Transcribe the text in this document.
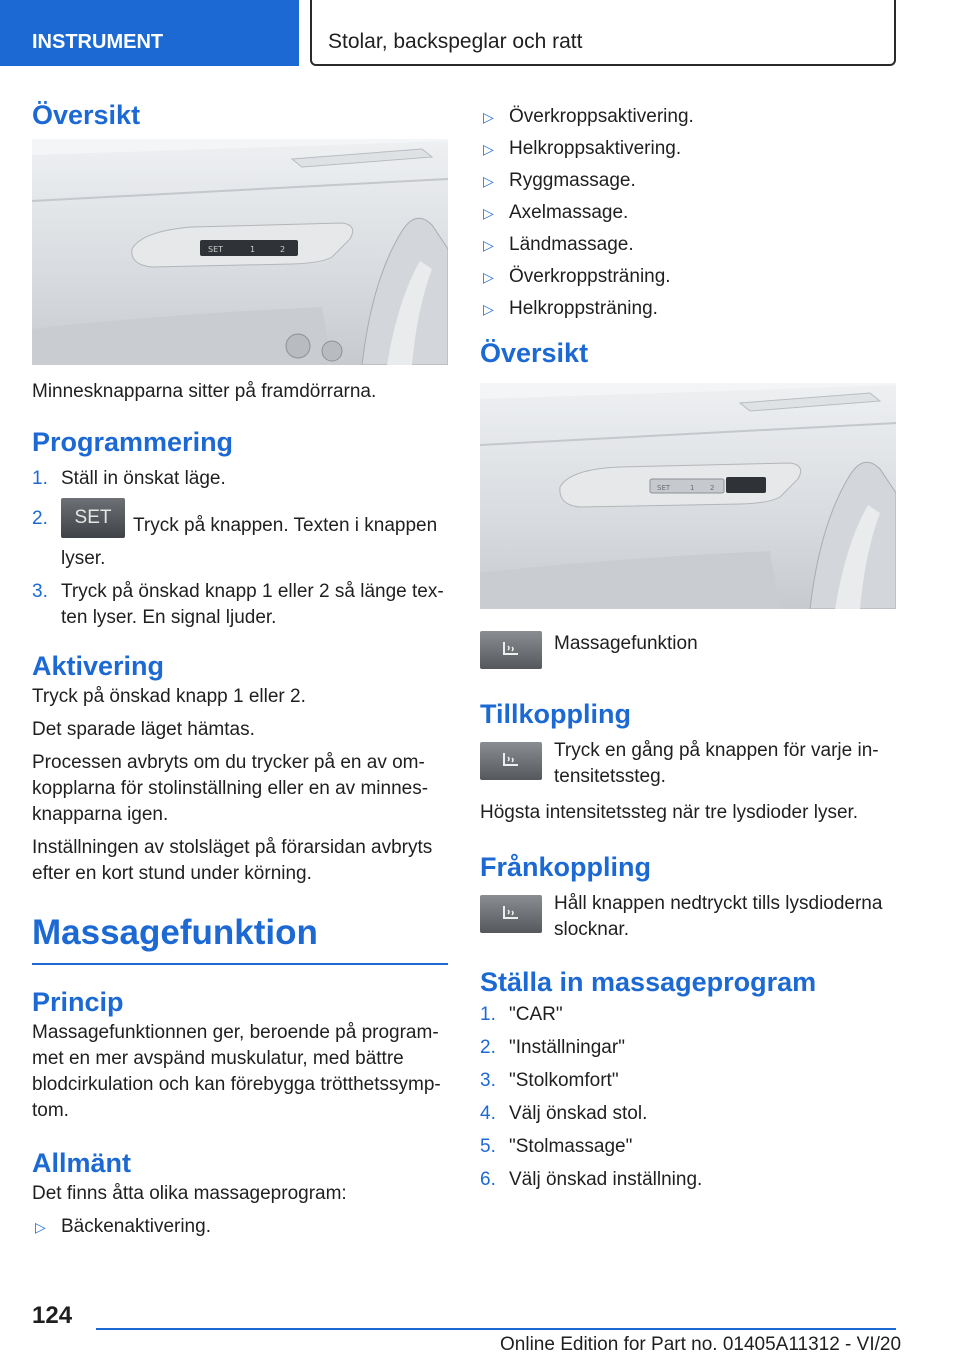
INSTRUMENT	Stolar, backspeglar och ratt
Översikt
SET	1	2
Minnesknapparna sitter på framdörrarna.
Programmering
1. Ställ in önskat läge.
2. SET Tryck på knappen. Texten i knappen lyser.
3. Tryck på önskad knapp 1 eller 2 så länge tex‐ten lyser. En signal ljuder.
Aktivering
Tryck på önskad knapp 1 eller 2.
Det sparade läget hämtas.
Processen avbryts om du trycker på en av om‐kopplarna för stolinställning eller en av minnes‐knapparna igen.
Inställningen av stolsläget på förarsidan avbryts efter en kort stund under körning.
Massagefunktion
Princip
Massagefunktionnen ger, beroende på program‐met en mer avspänd muskulatur, med bättre blodcirkulation och kan förebygga trötthetssymp‐tom.
Allmänt
Det finns åtta olika massageprogram:
▷ Bäckenaktivering.
▷ Överkroppsaktivering.
▷ Helkroppsaktivering.
▷ Ryggmassage.
▷ Axelmassage.
▷ Ländmassage.
▷ Överkroppsträning.
▷ Helkroppsträning.
Översikt
SET	1 2
Massagefunktion
Tillkoppling
Tryck en gång på knappen för varje in‐tensitetssteg.
Högsta intensitetssteg när tre lysdioder lyser.
Frånkoppling
Håll knappen nedtryckt tills lysdioderna slocknar.
Ställa in massageprogram
1. "CAR"
2. "Inställningar"
3. "Stolkomfort"
4. Välj önskad stol.
5. "Stolmassage"
6. Välj önskad inställning.
124
Online Edition for Part no. 01405A11312 - VI/20
